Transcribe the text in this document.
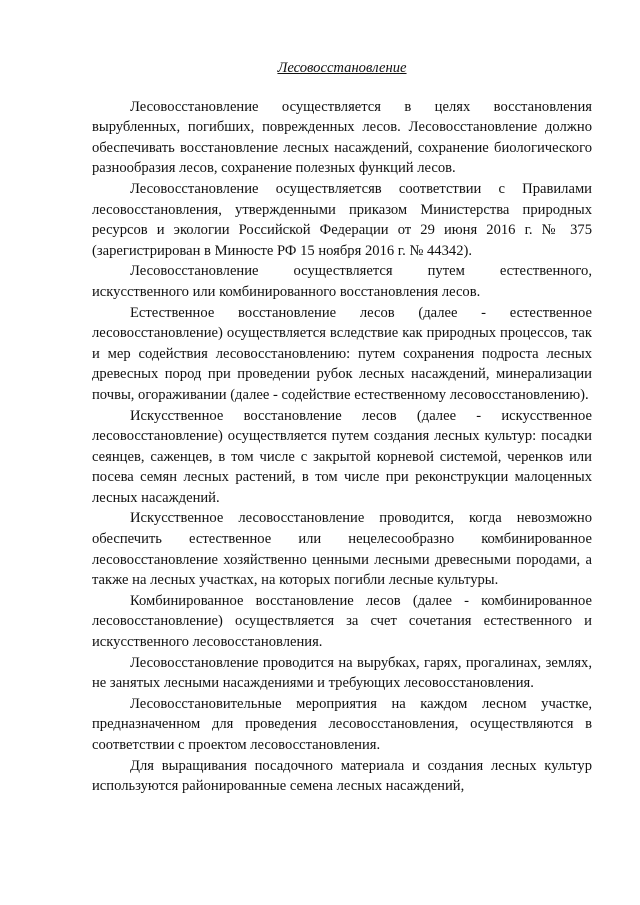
Лесовосстановление

Лесовосстановление осуществляется в целях восстановления вырубленных, погибших, поврежденных лесов. Лесовосстановление должно обеспечивать восстановление лесных насаждений, сохранение биологического разнообразия лесов, сохранение полезных функций лесов.

Лесовосстановление осуществляетсяв соответствии с Правилами лесовосстановления, утвержденными приказом Министерства природных ресурсов и экологии Российской Федерации от 29 июня 2016 г. № 375 (зарегистрирован в Минюсте РФ 15 ноября 2016 г. № 44342).

Лесовосстановление осуществляется путем естественного, искусственного или комбинированного восстановления лесов.

Естественное восстановление лесов (далее - естественное лесовосстановление) осуществляется вследствие как природных процессов, так и мер содействия лесовосстановлению: путем сохранения подроста лесных древесных пород при проведении рубок лесных насаждений, минерализации почвы, огораживании (далее - содействие естественному лесовосстановлению).

Искусственное восстановление лесов (далее - искусственное лесовосстановление) осуществляется путем создания лесных культур: посадки сеянцев, саженцев, в том числе с закрытой корневой системой, черенков или посева семян лесных растений, в том числе при реконструкции малоценных лесных насаждений.

Искусственное лесовосстановление проводится, когда невозможно обеспечить естественное или нецелесообразно комбинированное лесовосстановление хозяйственно ценными лесными древесными породами, а также на лесных участках, на которых погибли лесные культуры.

Комбинированное восстановление лесов (далее - комбинированное лесовосстановление) осуществляется за счет сочетания естественного и искусственного лесовосстановления.

Лесовосстановление проводится на вырубках, гарях, прогалинах, землях, не занятых лесными насаждениями и требующих лесовосстановления.

Лесовосстановительные мероприятия на каждом лесном участке, предназначенном для проведения лесовосстановления, осуществляются в соответствии с проектом лесовосстановления.

Для выращивания посадочного материала и создания лесных культур используются районированные семена лесных насаждений,
